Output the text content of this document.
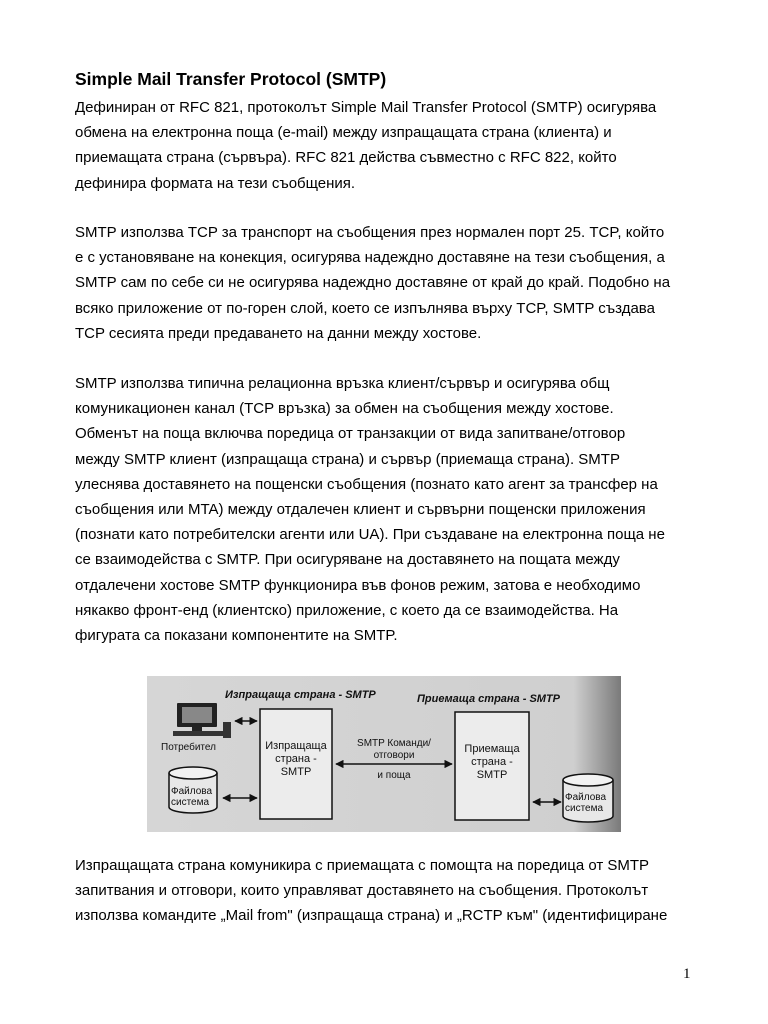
Simple Mail Transfer Protocol (SMTP)
Дефиниран от RFC 821, протоколът Simple Mail Transfer Protocol (SMTP) осигурява
обмена на електронна поща (e-mail) между изпращащата страна (клиента) и
приемащата страна (сървъра). RFC 821 действа съвместно с RFC 822, който
дефинира формата на тези съобщения.
SMTP използва TCP за транспорт на съобщения през нормален порт 25. TCP, който
е с установяване на конекция, осигурява надеждно доставяне на тези съобщения, а
SMTP сам по себе си не осигурява надеждно доставяне от край до край. Подобно на
всяко приложение от по-горен слой, което се изпълнява върху TCP, SMTP създава
TCP сесията преди предаването на данни между хостове.
SMTP използва типична релационна връзка клиент/сървър и осигурява общ
комуникационен канал (TCP връзка) за обмен на съобщения между хостове.
Обменът на поща включва поредица от транзакции от вида запитване/отговор
между SMTP клиент (изпращаща страна) и сървър (приемаща страна). SMTP
улеснява доставянето на пощенски съобщения (познато като агент за трансфер на
съобщения или MTA) между отдалечен клиент и сървърни пощенски приложения
(познати като потребителски агенти или UA). При създаване на електронна поща не
се взаимодейства с SMTP. При осигуряване на доставянето на пощата между
отдалечени хостове SMTP функционира във фонов режим, затова е необходимо
някакво фронт-енд (клиентско) приложение, с което да се взаимодейства. На
фигурата са показани компонентите на SMTP.
Изпращаща страна - SMTP	Приемаща страна - SMTP
Потребител
Файлова
система
Изпращаща
страна -
SMTP
Приемаща
страна -
SMTP
SMTP Команди/
отговори
и поща
Файлова
система
Изпращащата страна комуникира с приемащата с помощта на поредица от SMTP
запитвания и отговори, които управляват доставянето на съобщения. Протоколът
използва командите „Mail from" (изпращаща страна) и „RCTP към" (идентифициране
1
